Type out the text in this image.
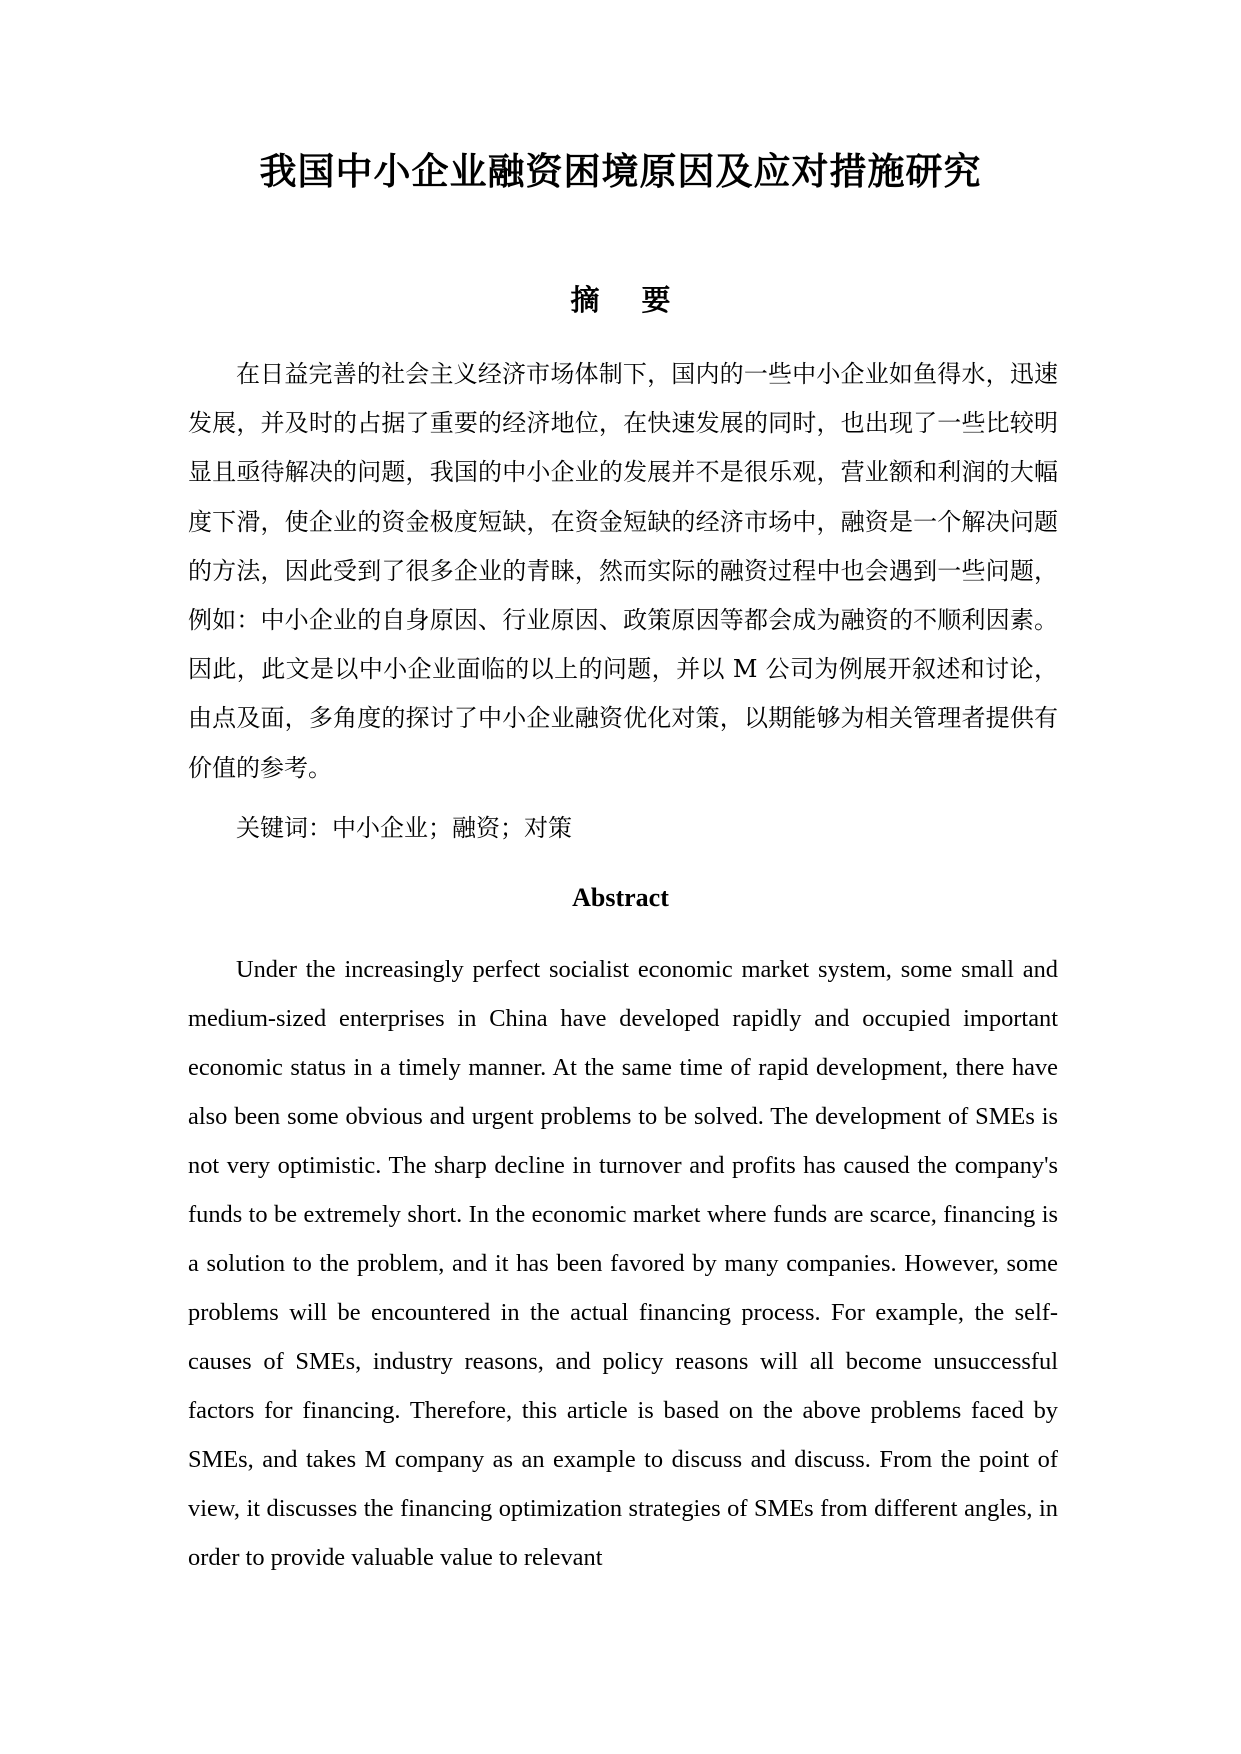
我国中小企业融资困境原因及应对措施研究
摘 要

在日益完善的社会主义经济市场体制下，国内的一些中小企业如鱼得水，迅速发展，并及时的占据了重要的经济地位，在快速发展的同时，也出现了一些比较明显且亟待解决的问题，我国的中小企业的发展并不是很乐观，营业额和利润的大幅度下滑，使企业的资金极度短缺，在资金短缺的经济市场中，融资是一个解决问题的方法，因此受到了很多企业的青睐，然而实际的融资过程中也会遇到一些问题，例如：中小企业的自身原因、行业原因、政策原因等都会成为融资的不顺利因素。因此，此文是以中小企业面临的以上的问题，并以 M 公司为例展开叙述和讨论，由点及面，多角度的探讨了中小企业融资优化对策，以期能够为相关管理者提供有价值的参考。

关键词：中小企业；融资；对策

Abstract

Under the increasingly perfect socialist economic market system, some small and medium-sized enterprises in China have developed rapidly and occupied important economic status in a timely manner. At the same time of rapid development, there have also been some obvious and urgent problems to be solved. The development of SMEs is not very optimistic. The sharp decline in turnover and profits has caused the company's funds to be extremely short. In the economic market where funds are scarce, financing is a solution to the problem, and it has been favored by many companies. However, some problems will be encountered in the actual financing process. For example, the self-causes of SMEs, industry reasons, and policy reasons will all become unsuccessful factors for financing. Therefore, this article is based on the above problems faced by SMEs, and takes M company as an example to discuss and discuss. From the point of view, it discusses the financing optimization strategies of SMEs from different angles, in order to provide valuable value to relevant
